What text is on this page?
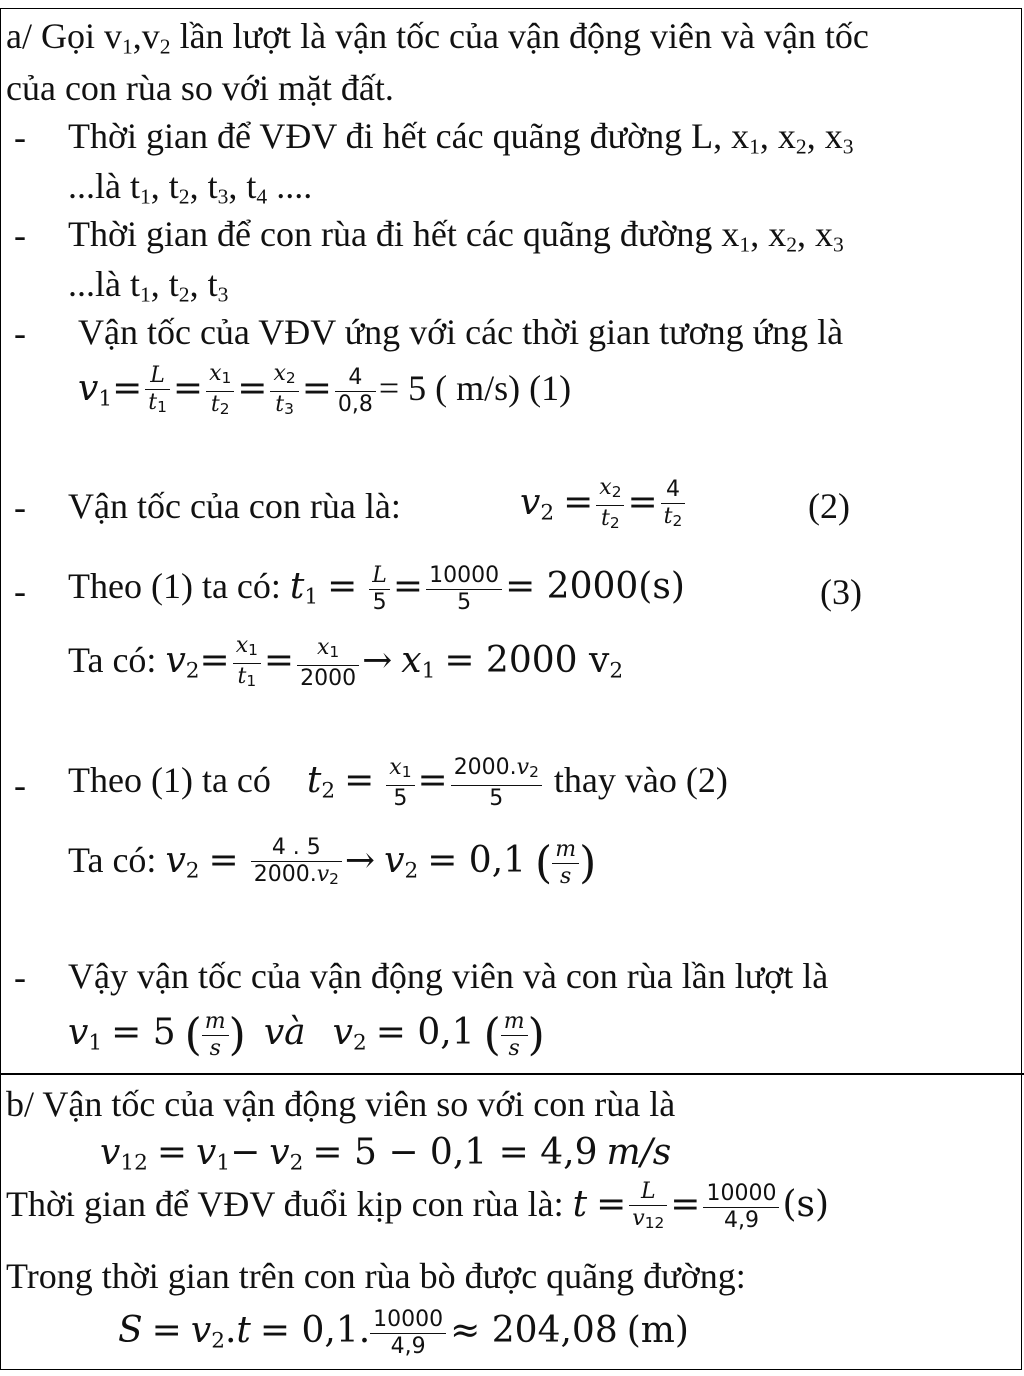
a/ Gọi $v_1,v_2$ lần lượt là vận tốc của vận động viên và vận tốc
của con rùa so với mặt đất.
- Thời gian để VĐV đi hết các quãng đường L, $x_1$, $x_2$, $x_3$
...là $t_1$, $t_2$, $t_3$, $t_4$ ....
- Thời gian để con rùa đi hết các quãng đường $x_1$, $x_2$, $x_3$
...là $t_1$, $t_2$, $t_3$
- Vận tốc của VĐV ứng với các thời gian tương ứng là
$v_1= \frac{L}{t1} = \frac{x1}{t2} = \frac{x2}{t3} = \frac{4}{0,8} = 5$ ( m/s) (1)
- Vận tốc của con rùa là:	$v_2 = \frac{x2}{t2} = \frac{4}{t2}$	(2)
- Theo (1) ta có: $t_1 = \frac{L}{5} = \frac{10000}{5} = 2000(s)$	(3)
Ta có: $v_2= \frac{x1}{t1} = \frac{x1}{2000} \to x_1 = 2000$ $v_2$
- Theo (1) ta có $t_2 = \frac{x1}{5} = \frac{2000.v2}{5}$ thay vào (2)
Ta có: $v_2 = \frac{4 . 5}{2000.v2} \to v_2 = 0,1$ ( $\frac{m}{s}$ )
- Vậy vận tốc của vận động viên và con rùa lần lượt là
$v_1 = 5$ ( $\frac{m}{s}$ ) và $v_2 = 0,1$ ( $\frac{m}{s}$ )
b/ Vận tốc của vận động viên so với con rùa là
$v_{12} = v_1- v_2 = 5 - 0,1 = 4,9$ m/s
Thời gian để VĐV đuổi kịp con rùa là: $t = \frac{L}{v12} = \frac{10000}{4,9} (s)$
Trong thời gian trên con rùa bò được quãng đường:
$S = v_2.t = 0,1$. $\frac{10000}{4,9} \approx 204,08$ (m)
